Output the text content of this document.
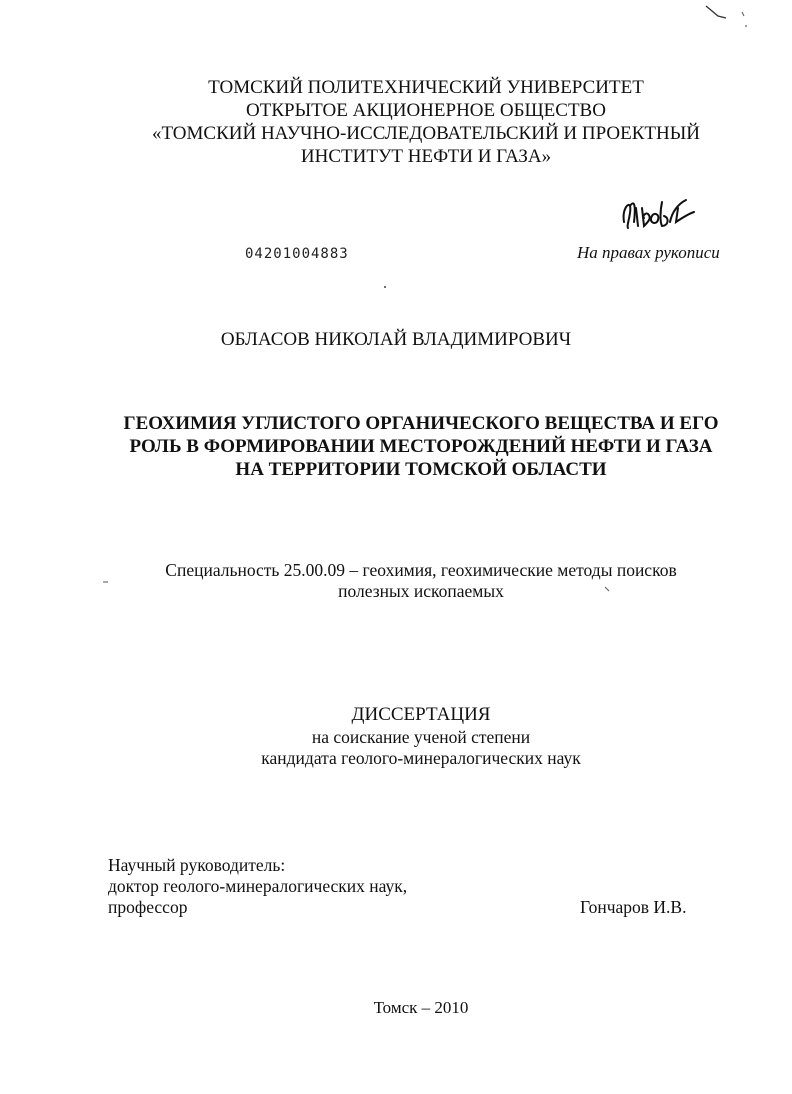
ТОМСКИЙ ПОЛИТЕХНИЧЕСКИЙ УНИВЕРСИТЕТ
ОТКРЫТОЕ АКЦИОНЕРНОЕ ОБЩЕСТВО
«ТОМСКИЙ НАУЧНО-ИССЛЕДОВАТЕЛЬСКИЙ И ПРОЕКТНЫЙ
ИНСТИТУТ НЕФТИ И ГАЗА»
04201004883	На правах рукописи
ОБЛАСОВ НИКОЛАЙ ВЛАДИМИРОВИЧ
ГЕОХИМИЯ УГЛИСТОГО ОРГАНИЧЕСКОГО ВЕЩЕСТВА И ЕГО
РОЛЬ В ФОРМИРОВАНИИ МЕСТОРОЖДЕНИЙ НЕФТИ И ГАЗА
НА ТЕРРИТОРИИ ТОМСКОЙ ОБЛАСТИ
Специальность 25.00.09 – геохимия, геохимические методы поисков
полезных ископаемых
ДИССЕРТАЦИЯ
на соискание ученой степени
кандидата геолого-минералогических наук
Научный руководитель:
доктор геолого-минералогических наук,
профессор	Гончаров И.В.
Томск – 2010
